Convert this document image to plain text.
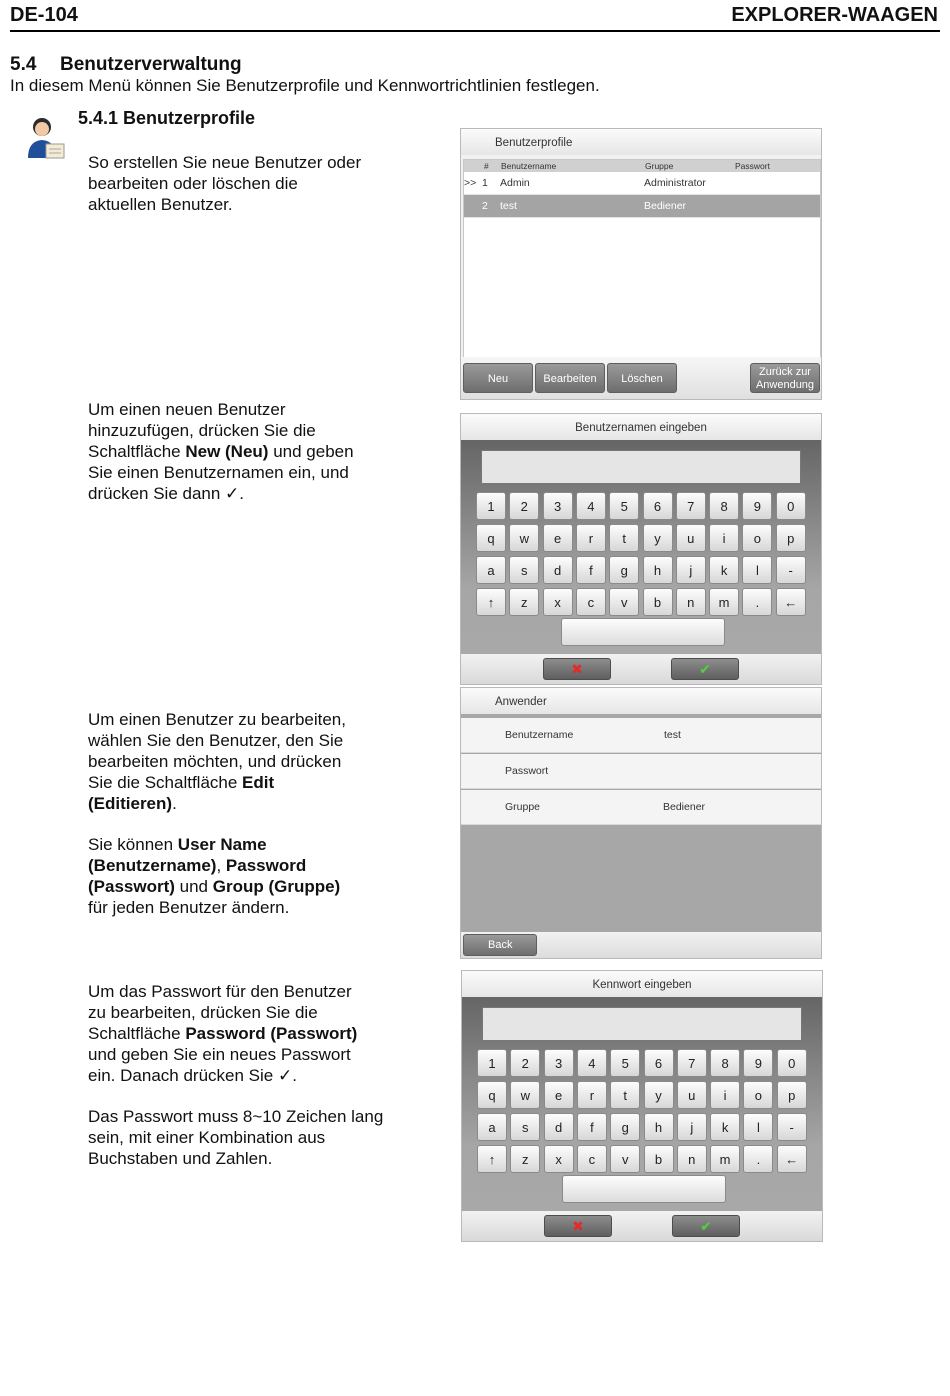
DE-104	EXPLORER-WAAGEN
5.4 Benutzerverwaltung
In diesem Menü können Sie Benutzerprofile und Kennwortrichtlinien festlegen.
5.4.1 Benutzerprofile
So erstellen Sie neue Benutzer oder
bearbeiten oder löschen die
aktuellen Benutzer.
Um einen neuen Benutzer
hinzuzufügen, drücken Sie die
Schaltfläche New (Neu) und geben
Sie einen Benutzernamen ein, und
drücken Sie dann ✓.
Um einen Benutzer zu bearbeiten,
wählen Sie den Benutzer, den Sie
bearbeiten möchten, und drücken
Sie die Schaltfläche Edit
(Editieren).
Sie können User Name
(Benutzername), Password
(Passwort) und Group (Gruppe)
für jeden Benutzer ändern.
Um das Passwort für den Benutzer
zu bearbeiten, drücken Sie die
Schaltfläche Password (Passwort)
und geben Sie ein neues Passwort
ein. Danach drücken Sie ✓.
Das Passwort muss 8~10 Zeichen lang
sein, mit einer Kombination aus
Buchstaben und Zahlen.
Benutzerprofile
# Benutzername	Gruppe	Passwort
>> 1 Admin	Administrator
2 test	Bediener
Neu	Bearbeiten	Löschen
Zurück zur
Anwendung
Benutzernamen eingeben
✖	✔
1	2	3	4	5	6	7	8	9	0
q	w	e	r	t	y	u	i	o	p
a	s	d	f	g	h	j	k	l	-
↑	z	x	c	v	b	n	m	.	←
Anwender
Benutzername	test
Passwort
Gruppe	Bediener
Back
Kennwort eingeben
✖	✔
1	2	3	4	5	6	7	8	9	0
q	w	e	r	t	y	u	i	o	p
a	s	d	f	g	h	j	k	l	-
↑	z	x	c	v	b	n	m	.	←
